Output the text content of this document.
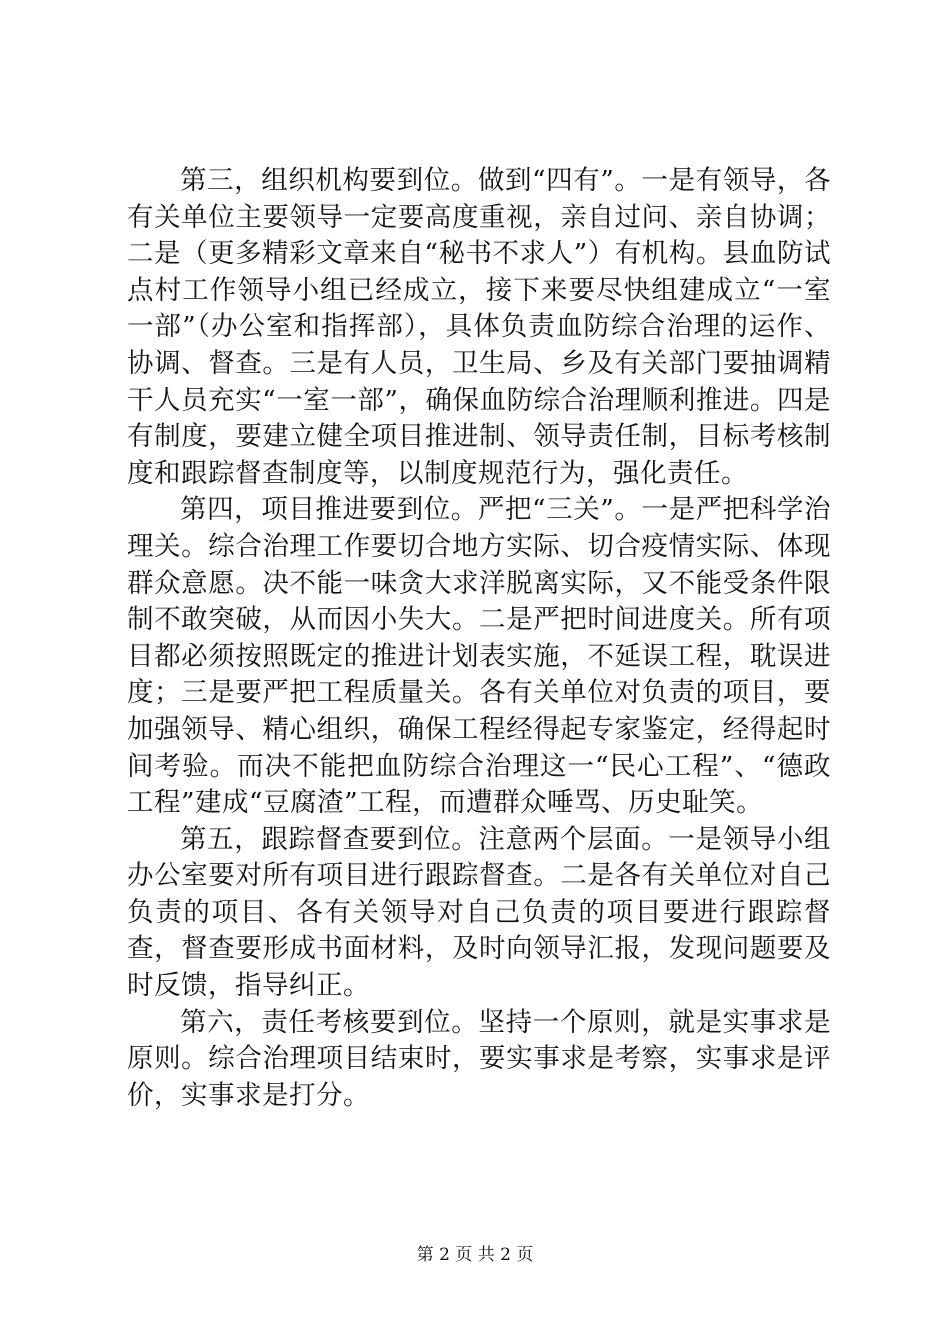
第三，组织机构要到位。做到“四有”。一是有领导，各有关单位主要领导一定要高度重视，亲自过问、亲自协调；二是（更多精彩文章来自“秘书不求人”）有机构。县血防试点村工作领导小组已经成立，接下来要尽快组建成立“一室一部”（办公室和指挥部），具体负责血防综合治理的运作、协调、督查。三是有人员，卫生局、乡及有关部门要抽调精干人员充实“一室一部”，确保血防综合治理顺利推进。四是有制度，要建立健全项目推进制、领导责任制，目标考核制度和跟踪督查制度等，以制度规范行为，强化责任。

第四，项目推进要到位。严把“三关”。一是严把科学治理关。综合治理工作要切合地方实际、切合疫情实际、体现群众意愿。决不能一味贪大求洋脱离实际，又不能受条件限制不敢突破，从而因小失大。二是严把时间进度关。所有项目都必须按照既定的推进计划表实施，不延误工程，耽误进度；三是要严把工程质量关。各有关单位对负责的项目，要加强领导、精心组织，确保工程经得起专家鉴定，经得起时间考验。而决不能把血防综合治理这一“民心工程”、“德政工程”建成“豆腐渣”工程，而遭群众唾骂、历史耻笑。

第五，跟踪督查要到位。注意两个层面。一是领导小组办公室要对所有项目进行跟踪督查。二是各有关单位对自己负责的项目、各有关领导对自己负责的项目要进行跟踪督查，督查要形成书面材料，及时向领导汇报，发现问题要及时反馈，指导纠正。

第六，责任考核要到位。坚持一个原则，就是实事求是原则。综合治理项目结束时，要实事求是考察，实事求是评价，实事求是打分。

第 2 页 共 2 页
